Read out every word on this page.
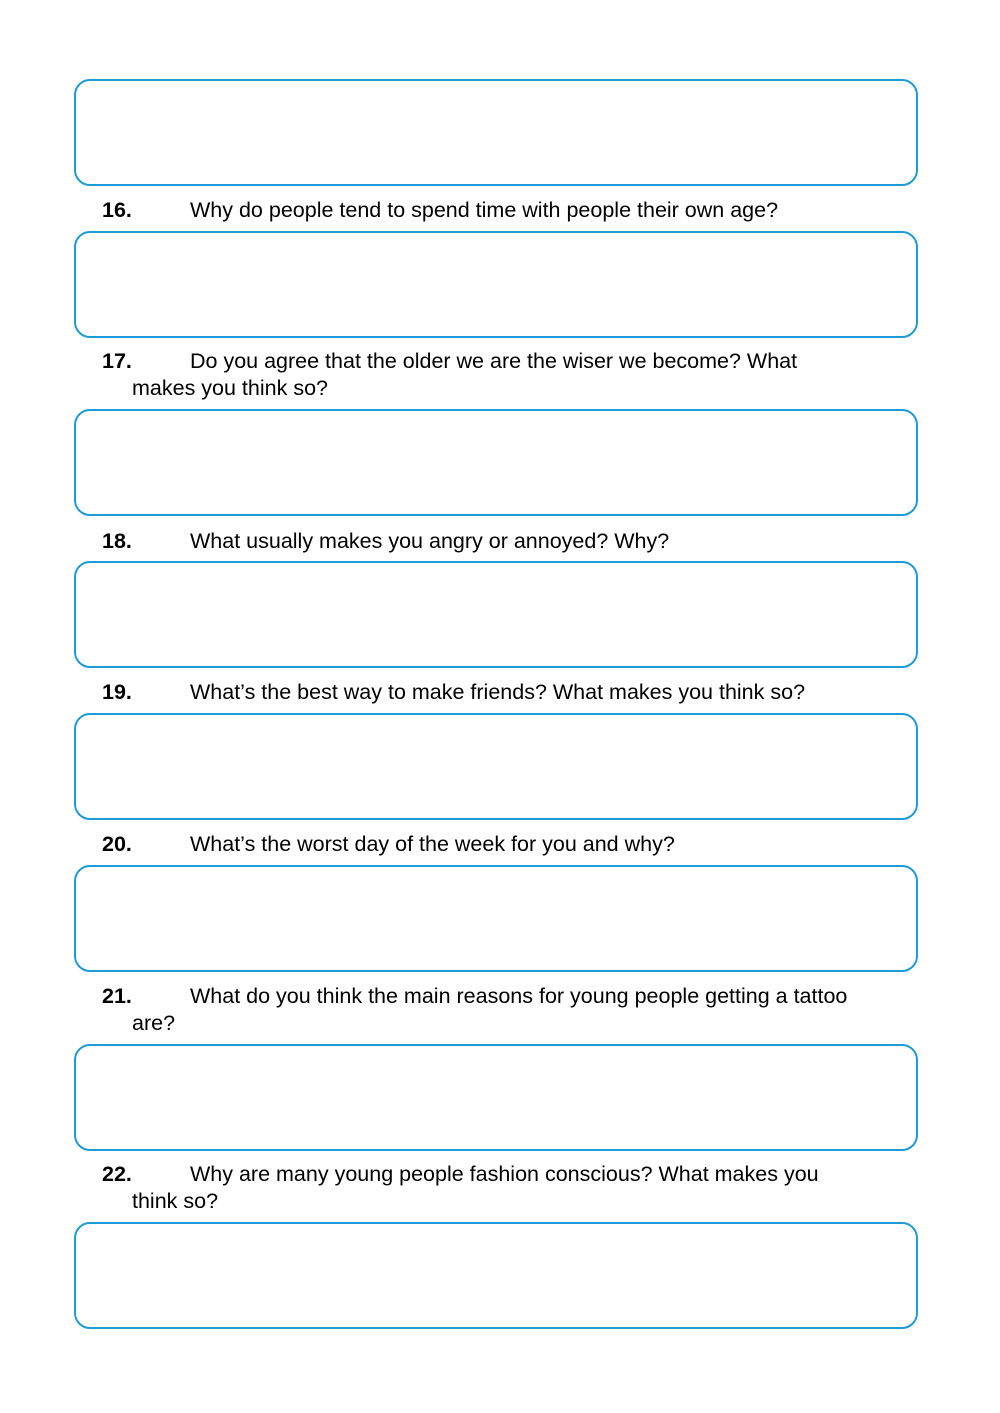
16.	Why do people tend to spend time with people their own age?
17.	Do you agree that the older we are the wiser we become? What
makes you think so?
18.	What usually makes you angry or annoyed? Why?
19.	What’s the best way to make friends? What makes you think so?
20.	What’s the worst day of the week for you and why?
21.	What do you think the main reasons for young people getting a tattoo
are?
22.	Why are many young people fashion conscious? What makes you
think so?
